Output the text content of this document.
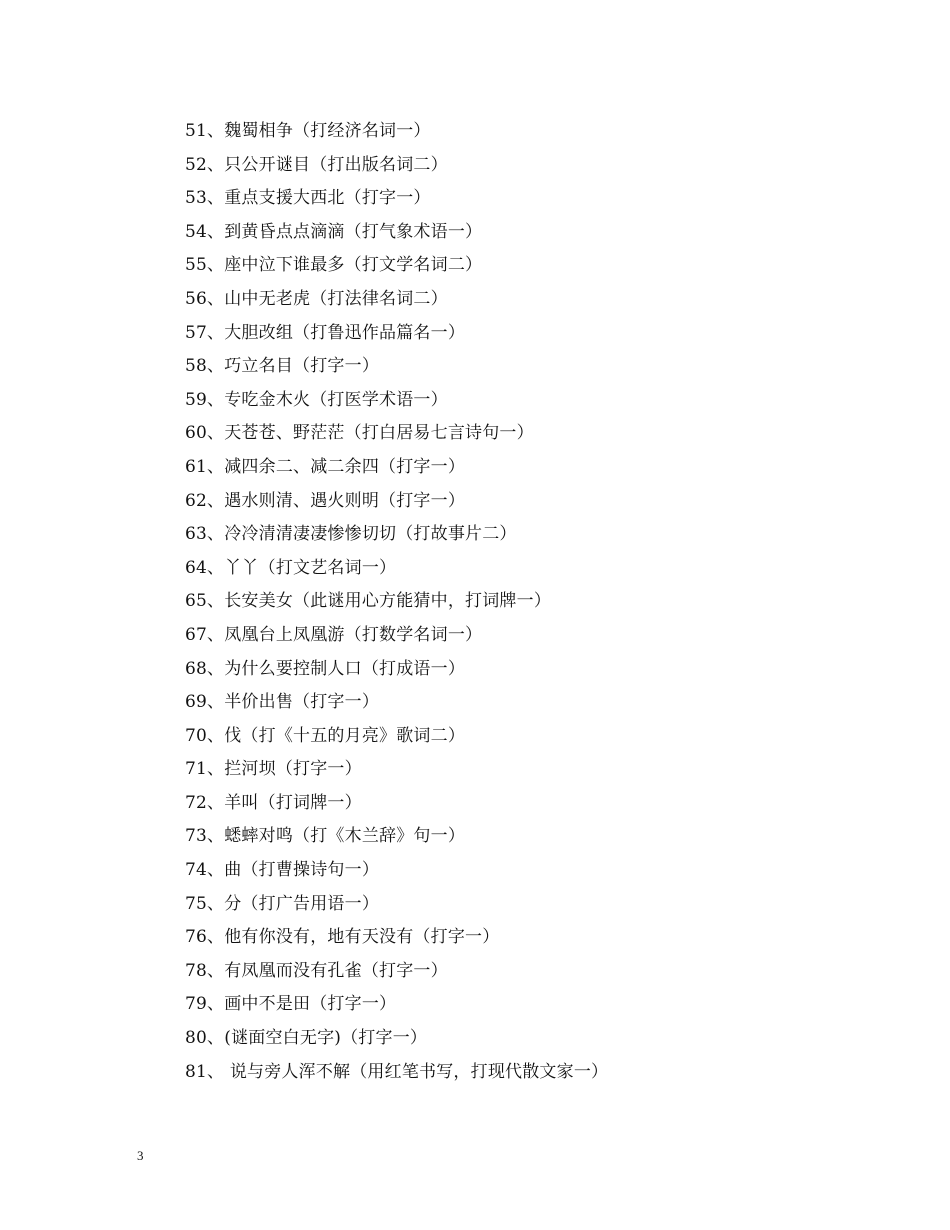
51、魏蜀相争（打经济名词一）
52、只公开谜目（打出版名词二）
53、重点支援大西北（打字一）
54、到黄昏点点滴滴（打气象术语一）
55、座中泣下谁最多（打文学名词二）
56、山中无老虎（打法律名词二）
57、大胆改组（打鲁迅作品篇名一）
58、巧立名目（打字一）
59、专吃金木火（打医学术语一）
60、天苍苍、野茫茫（打白居易七言诗句一）
61、减四余二、减二余四（打字一）
62、遇水则清、遇火则明（打字一）
63、冷冷清清凄凄惨惨切切（打故事片二）
64、丫丫（打文艺名词一）
65、长安美女（此谜用心方能猜中，打词牌一）
67、凤凰台上凤凰游（打数学名词一）
68、为什么要控制人口（打成语一）
69、半价出售（打字一）
70、伐（打《十五的月亮》歌词二）
71、拦河坝（打字一）
72、羊叫（打词牌一）
73、蟋蟀对鸣（打《木兰辞》句一）
74、曲（打曹操诗句一）
75、分（打广告用语一）
76、他有你没有，地有天没有（打字一）
78、有凤凰而没有孔雀（打字一）
79、画中不是田（打字一）
80、(谜面空白无字)（打字一）
81、 说与旁人浑不解（用红笔书写，打现代散文家一）
3
